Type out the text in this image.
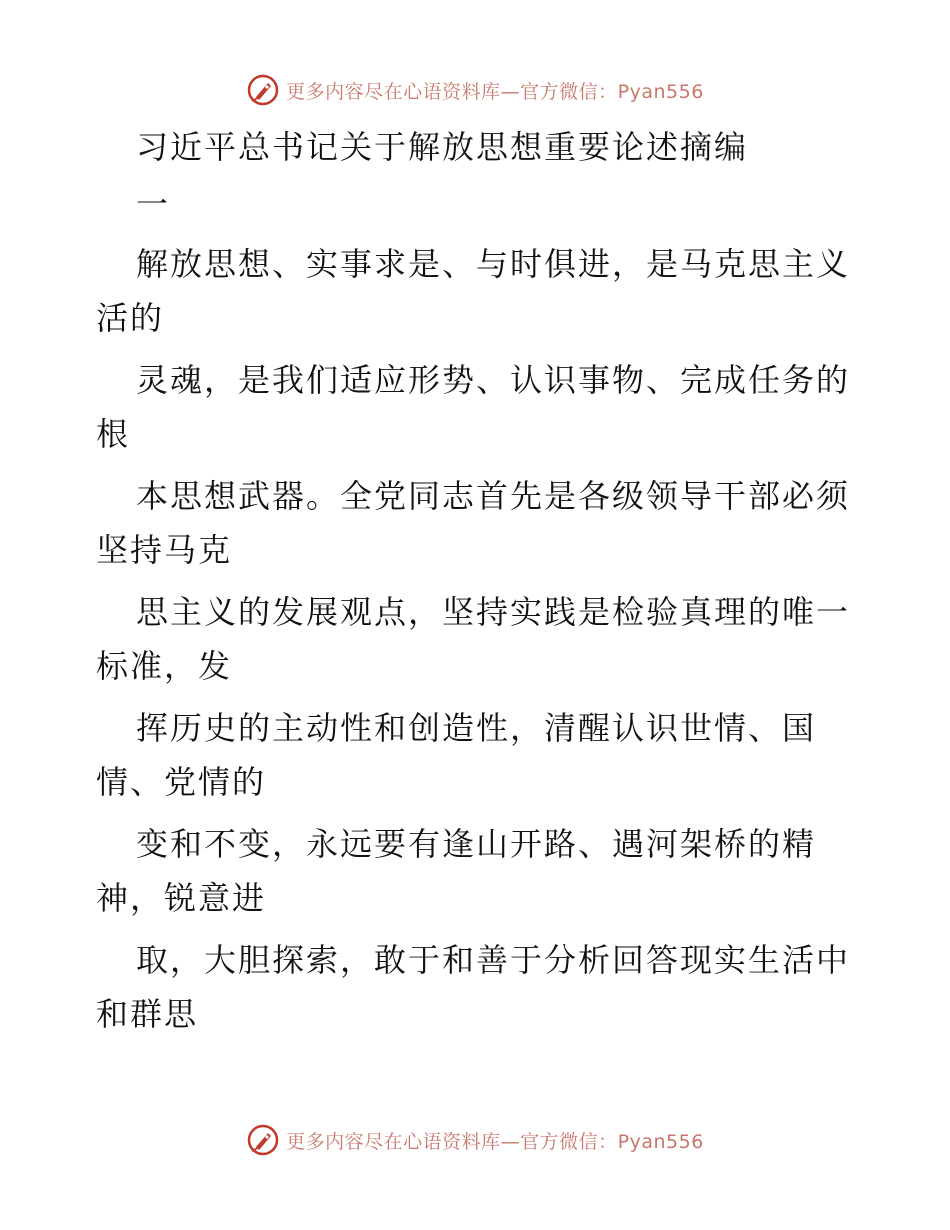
更多内容尽在心语资料库—官方微信：Pyan556
习近平总书记关于解放思想重要论述摘编
一
解放思想、实事求是、与时俱进，是马克思主义
活的
灵魂，是我们适应形势、认识事物、完成任务的
根
本思想武器。全党同志首先是各级领导干部必须
坚持马克
思主义的发展观点，坚持实践是检验真理的唯一
标准，发
挥历史的主动性和创造性，清醒认识世情、国
情、党情的
变和不变，永远要有逢山开路、遇河架桥的精
神，锐意进
取，大胆探索，敢于和善于分析回答现实生活中
和群思
更多内容尽在心语资料库—官方微信：Pyan556
